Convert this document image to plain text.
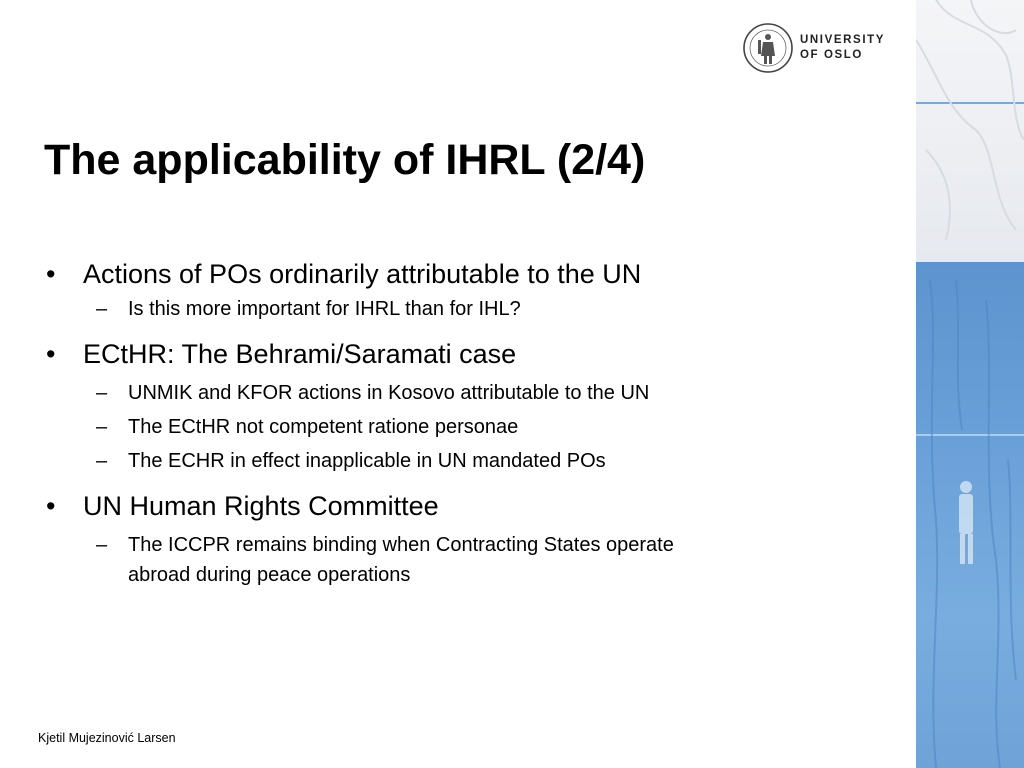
UNIVERSITY
OF OSLO
The applicability of IHRL (2/4)
• Actions of POs ordinarily attributable to the UN
– Is this more important for IHRL than for IHL?
• ECtHR: The Behrami/Saramati case
– UNMIK and KFOR actions in Kosovo attributable to the UN
– The ECtHR not competent ratione personae
– The ECHR in effect inapplicable in UN mandated POs
• UN Human Rights Committee
– The ICCPR remains binding when Contracting States operate
abroad during peace operations
Kjetil Mujezinović Larsen
